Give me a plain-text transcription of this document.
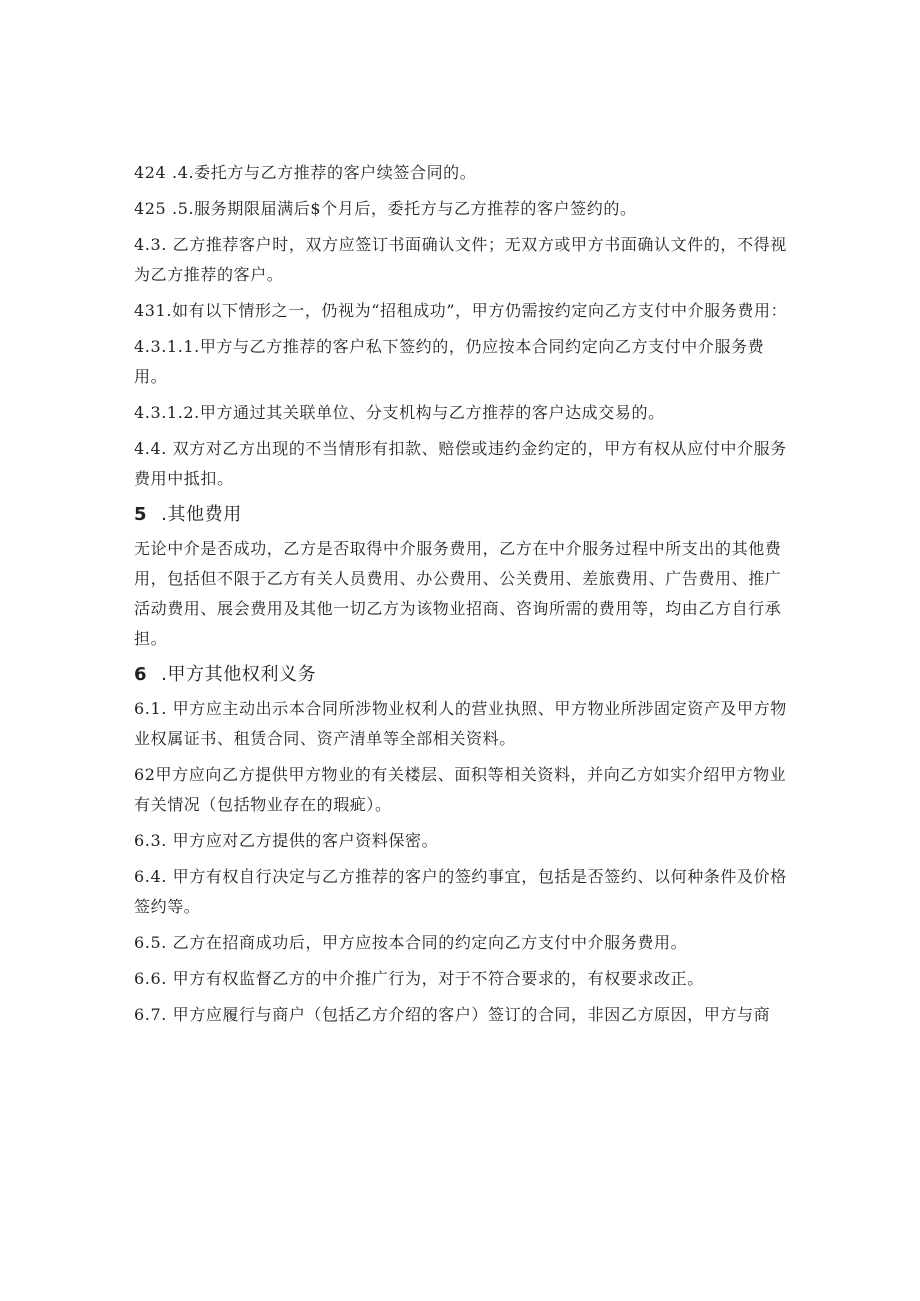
424 .4.委托方与乙方推荐的客户续签合同的。

425 .5.服务期限届满后$个月后，委托方与乙方推荐的客户签约的。

4.3. 乙方推荐客户时，双方应签订书面确认文件；无双方或甲方书面确认文件的，不得视为乙方推荐的客户。

431.如有以下情形之一，仍视为“招租成功”，甲方仍需按约定向乙方支付中介服务费用：

4.3.1.1.甲方与乙方推荐的客户私下签约的，仍应按本合同约定向乙方支付中介服务费用。

4.3.1.2.甲方通过其关联单位、分支机构与乙方推荐的客户达成交易的。

4.4. 双方对乙方出现的不当情形有扣款、赔偿或违约金约定的，甲方有权从应付中介服务费用中抵扣。

5 .其他费用

无论中介是否成功，乙方是否取得中介服务费用，乙方在中介服务过程中所支出的其他费用，包括但不限于乙方有关人员费用、办公费用、公关费用、差旅费用、广告费用、推广活动费用、展会费用及其他一切乙方为该物业招商、咨询所需的费用等，均由乙方自行承担。

6 .甲方其他权利义务

6.1. 甲方应主动出示本合同所涉物业权利人的营业执照、甲方物业所涉固定资产及甲方物业权属证书、租赁合同、资产清单等全部相关资料。

62甲方应向乙方提供甲方物业的有关楼层、面积等相关资料，并向乙方如实介绍甲方物业有关情况（包括物业存在的瑕疵）。

6.3. 甲方应对乙方提供的客户资料保密。

6.4. 甲方有权自行决定与乙方推荐的客户的签约事宜，包括是否签约、以何种条件及价格签约等。

6.5. 乙方在招商成功后，甲方应按本合同的约定向乙方支付中介服务费用。

6.6. 甲方有权监督乙方的中介推广行为，对于不符合要求的，有权要求改正。

6.7. 甲方应履行与商户（包括乙方介绍的客户）签订的合同，非因乙方原因，甲方与商
